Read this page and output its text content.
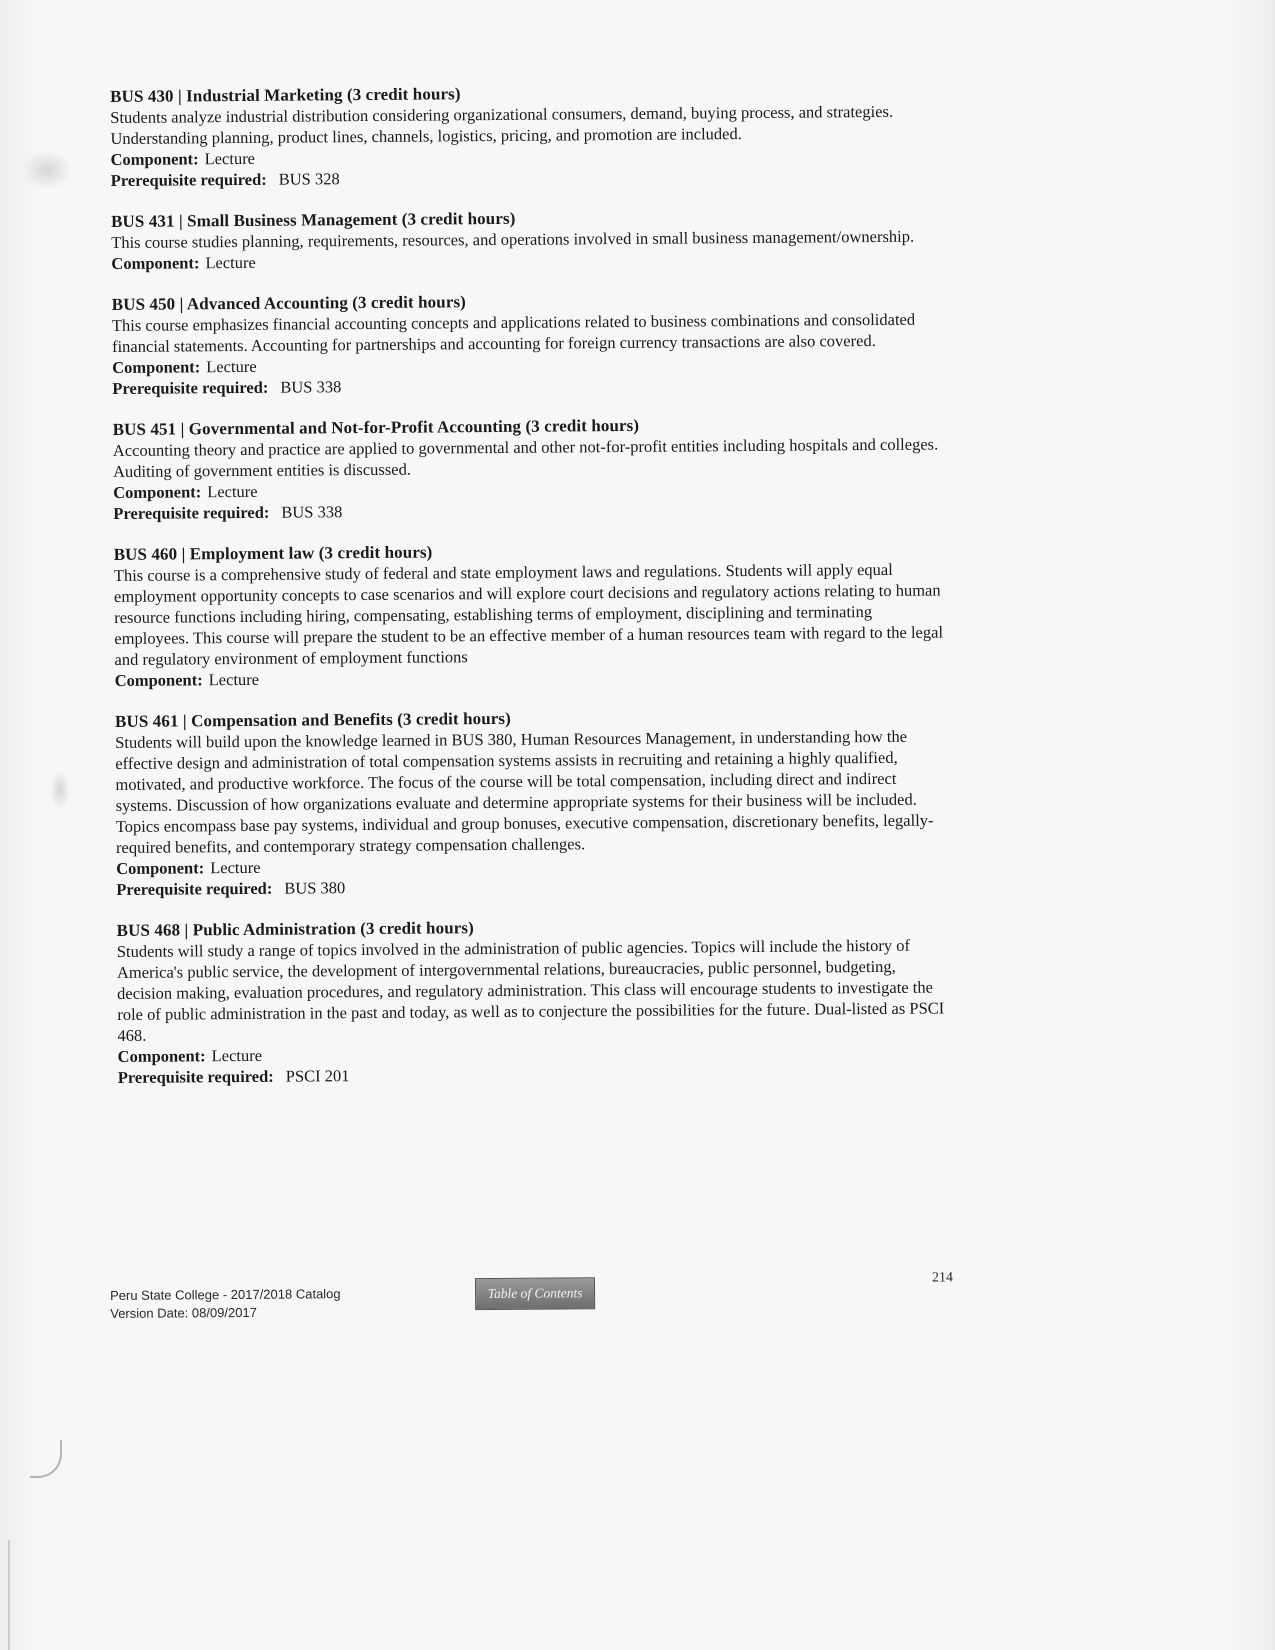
BUS 430 | Industrial Marketing (3 credit hours)
Students analyze industrial distribution considering organizational consumers, demand, buying process, and strategies. Understanding planning, product lines, channels, logistics, pricing, and promotion are included.
Component: Lecture
Prerequisite required: BUS 328
BUS 431 | Small Business Management (3 credit hours)
This course studies planning, requirements, resources, and operations involved in small business management/ownership.
Component: Lecture
BUS 450 | Advanced Accounting (3 credit hours)
This course emphasizes financial accounting concepts and applications related to business combinations and consolidated financial statements. Accounting for partnerships and accounting for foreign currency transactions are also covered.
Component: Lecture
Prerequisite required: BUS 338
BUS 451 | Governmental and Not-for-Profit Accounting (3 credit hours)
Accounting theory and practice are applied to governmental and other not-for-profit entities including hospitals and colleges. Auditing of government entities is discussed.
Component: Lecture
Prerequisite required: BUS 338
BUS 460 | Employment law (3 credit hours)
This course is a comprehensive study of federal and state employment laws and regulations. Students will apply equal employment opportunity concepts to case scenarios and will explore court decisions and regulatory actions relating to human resource functions including hiring, compensating, establishing terms of employment, disciplining and terminating employees. This course will prepare the student to be an effective member of a human resources team with regard to the legal and regulatory environment of employment functions
Component: Lecture
BUS 461 | Compensation and Benefits (3 credit hours)
Students will build upon the knowledge learned in BUS 380, Human Resources Management, in understanding how the effective design and administration of total compensation systems assists in recruiting and retaining a highly qualified, motivated, and productive workforce. The focus of the course will be total compensation, including direct and indirect systems. Discussion of how organizations evaluate and determine appropriate systems for their business will be included. Topics encompass base pay systems, individual and group bonuses, executive compensation, discretionary benefits, legally-required benefits, and contemporary strategy compensation challenges.
Component: Lecture
Prerequisite required: BUS 380
BUS 468 | Public Administration (3 credit hours)
Students will study a range of topics involved in the administration of public agencies. Topics will include the history of America's public service, the development of intergovernmental relations, bureaucracies, public personnel, budgeting, decision making, evaluation procedures, and regulatory administration. This class will encourage students to investigate the role of public administration in the past and today, as well as to conjecture the possibilities for the future. Dual-listed as PSCI 468.
Component: Lecture
Prerequisite required: PSCI 201
Peru State College - 2017/2018 Catalog
Version Date: 08/09/2017
Table of Contents
214
